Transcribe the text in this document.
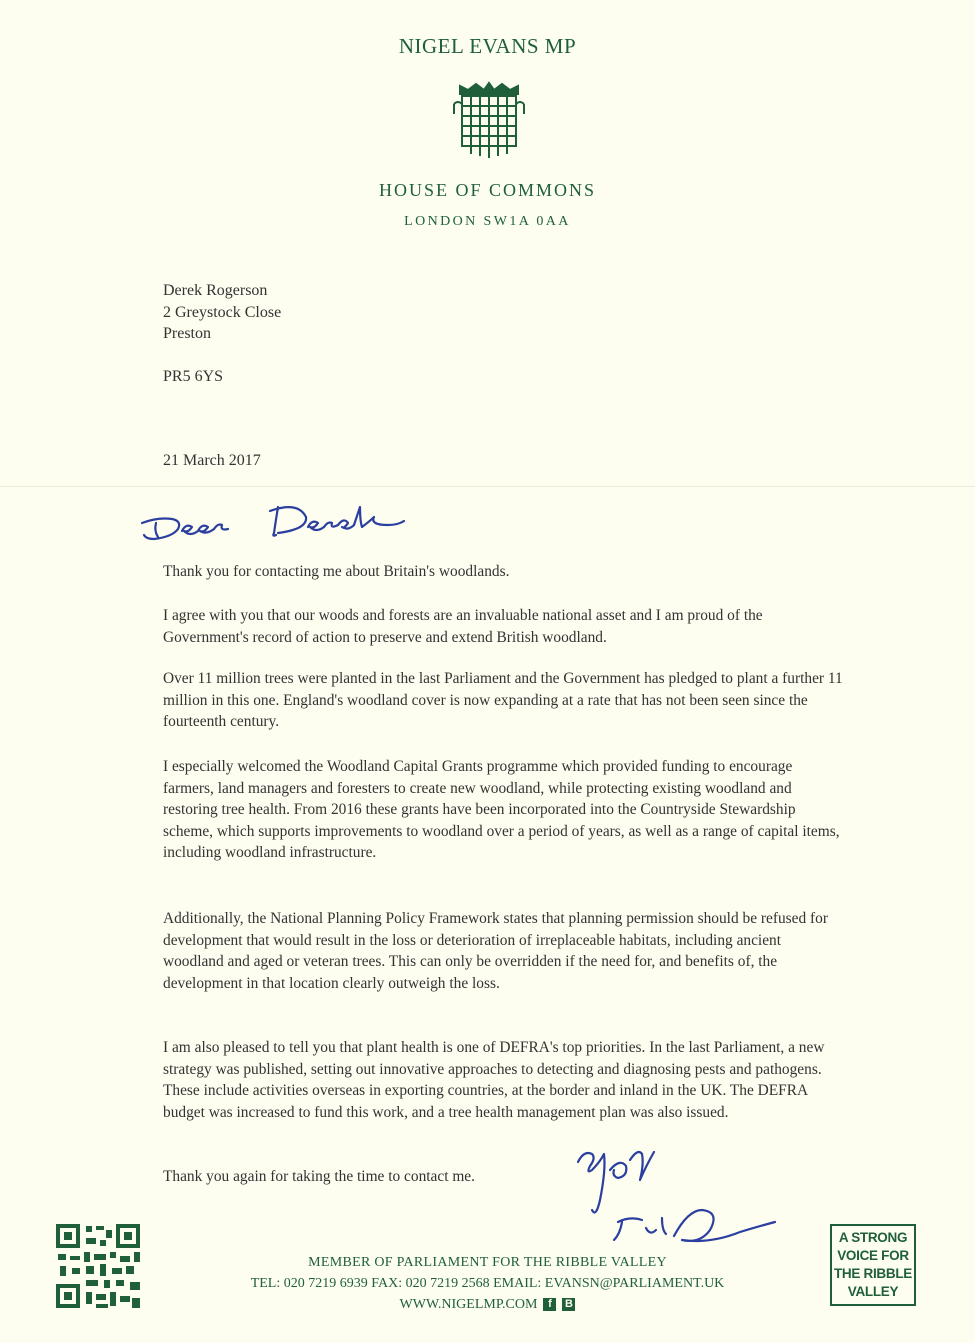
NIGEL EVANS MP
HOUSE OF COMMONS
LONDON SW1A 0AA
Derek Rogerson
2 Greystock Close
Preston
PR5 6YS
21 March 2017

Thank you for contacting me about Britain's woodlands.

I agree with you that our woods and forests are an invaluable national asset and I am proud of the Government's record of action to preserve and extend British woodland.

Over 11 million trees were planted in the last Parliament and the Government has pledged to plant a further 11 million in this one. England's woodland cover is now expanding at a rate that has not been seen since the fourteenth century.

I especially welcomed the Woodland Capital Grants programme which provided funding to encourage farmers, land managers and foresters to create new woodland, while protecting existing woodland and restoring tree health. From 2016 these grants have been incorporated into the Countryside Stewardship scheme, which supports improvements to woodland over a period of years, as well as a range of capital items, including woodland infrastructure.

Additionally, the National Planning Policy Framework states that planning permission should be refused for development that would result in the loss or deterioration of irreplaceable habitats, including ancient woodland and aged or veteran trees. This can only be overridden if the need for, and benefits of, the development in that location clearly outweigh the loss.

I am also pleased to tell you that plant health is one of DEFRA's top priorities. In the last Parliament, a new strategy was published, setting out innovative approaches to detecting and diagnosing pests and pathogens. These include activities overseas in exporting countries, at the border and inland in the UK. The DEFRA budget was increased to fund this work, and a tree health management plan was also issued.

Thank you again for taking the time to contact me.

MEMBER OF PARLIAMENT FOR THE RIBBLE VALLEY
TEL: 020 7219 6939 FAX: 020 7219 2568 EMAIL: EVANSN@PARLIAMENT.UK
WWW.NIGELMP.COM f	B
A STRONG
VOICE FOR
THE RIBBLE
VALLEY
